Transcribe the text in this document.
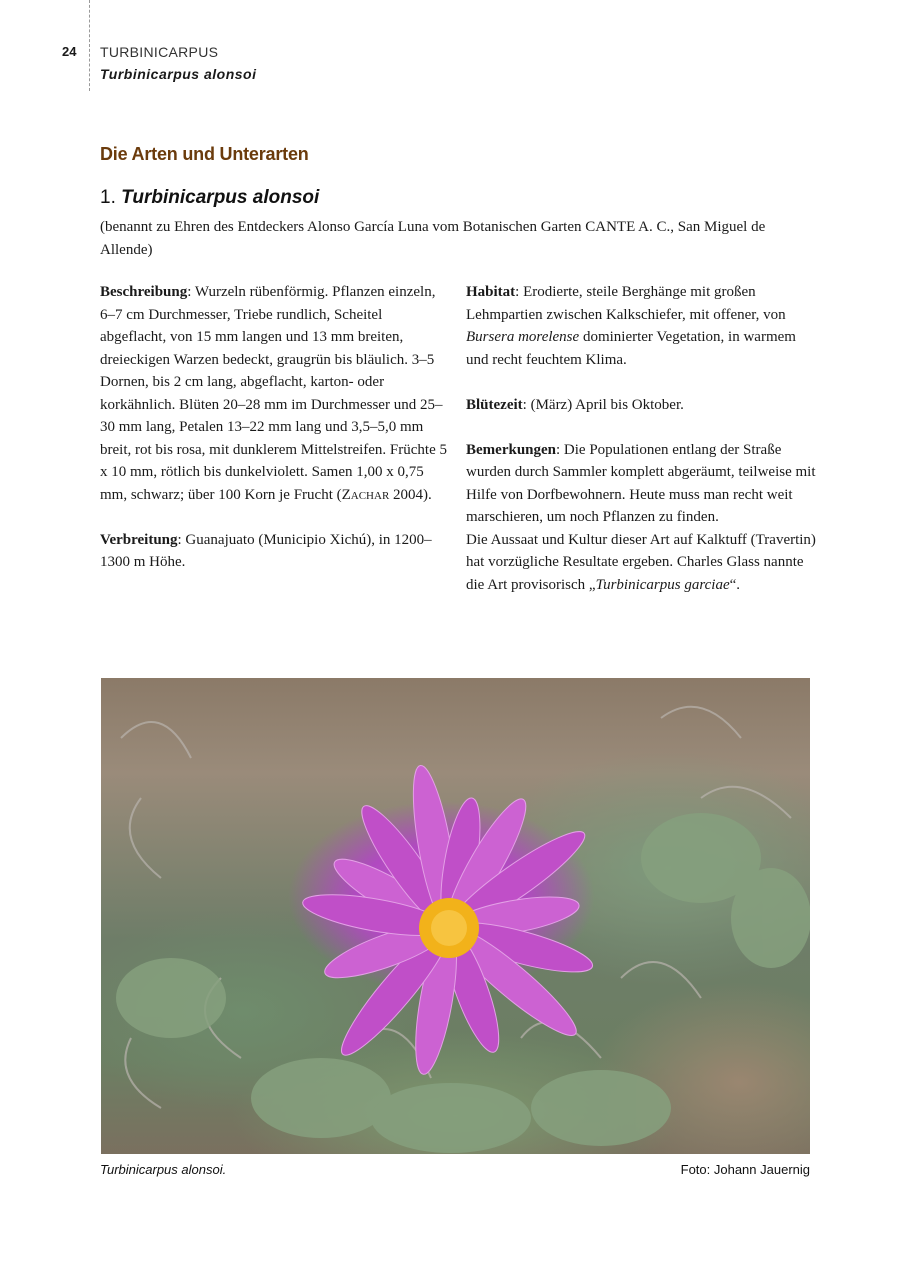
24 TURBINICARPUS
Turbinicarpus alonsoi
Die Arten und Unterarten
1. Turbinicarpus alonsoi
(benannt zu Ehren des Entdeckers Alonso García Luna vom Botanischen Garten CANTE A. C., San Miguel de Allende)

Beschreibung: Wurzeln rübenförmig. Pflanzen einzeln, 6–7 cm Durchmesser, Triebe rundlich, Scheitel abgeflacht, von 15 mm langen und 13 mm breiten, dreieckigen Warzen bedeckt, graugrün bis bläulich. 3–5 Dornen, bis 2 cm lang, abgeflacht, karton- oder korkähnlich. Blüten 20–28 mm im Durchmesser und 25–30 mm lang, Petalen 13–22 mm lang und 3,5–5,0 mm breit, rot bis rosa, mit dunklerem Mittelstreifen. Früchte 5 x 10 mm, rötlich bis dunkelviolett. Samen 1,00 x 0,75 mm, schwarz; über 100 Korn je Frucht (Zachar 2004).

Verbreitung: Guanajuato (Municipio Xichú), in 1200–1300 m Höhe.

Habitat: Erodierte, steile Berghänge mit großen Lehmpartien zwischen Kalkschiefer, mit offener, von Bursera morelense dominierter Vegetation, in warmem und recht feuchtem Klima.

Blütezeit: (März) April bis Oktober.

Bemerkungen: Die Populationen entlang der Straße wurden durch Sammler komplett abgeräumt, teilweise mit Hilfe von Dorfbewohnern. Heute muss man recht weit marschieren, um noch Pflanzen zu finden.

Die Aussaat und Kultur dieser Art auf Kalktuff (Travertin) hat vorzügliche Resultate ergeben. Charles Glass nannte die Art provisorisch „Turbinicarpus garciae“.

Turbinicarpus alonsoi.	Foto: Johann Jauernig
